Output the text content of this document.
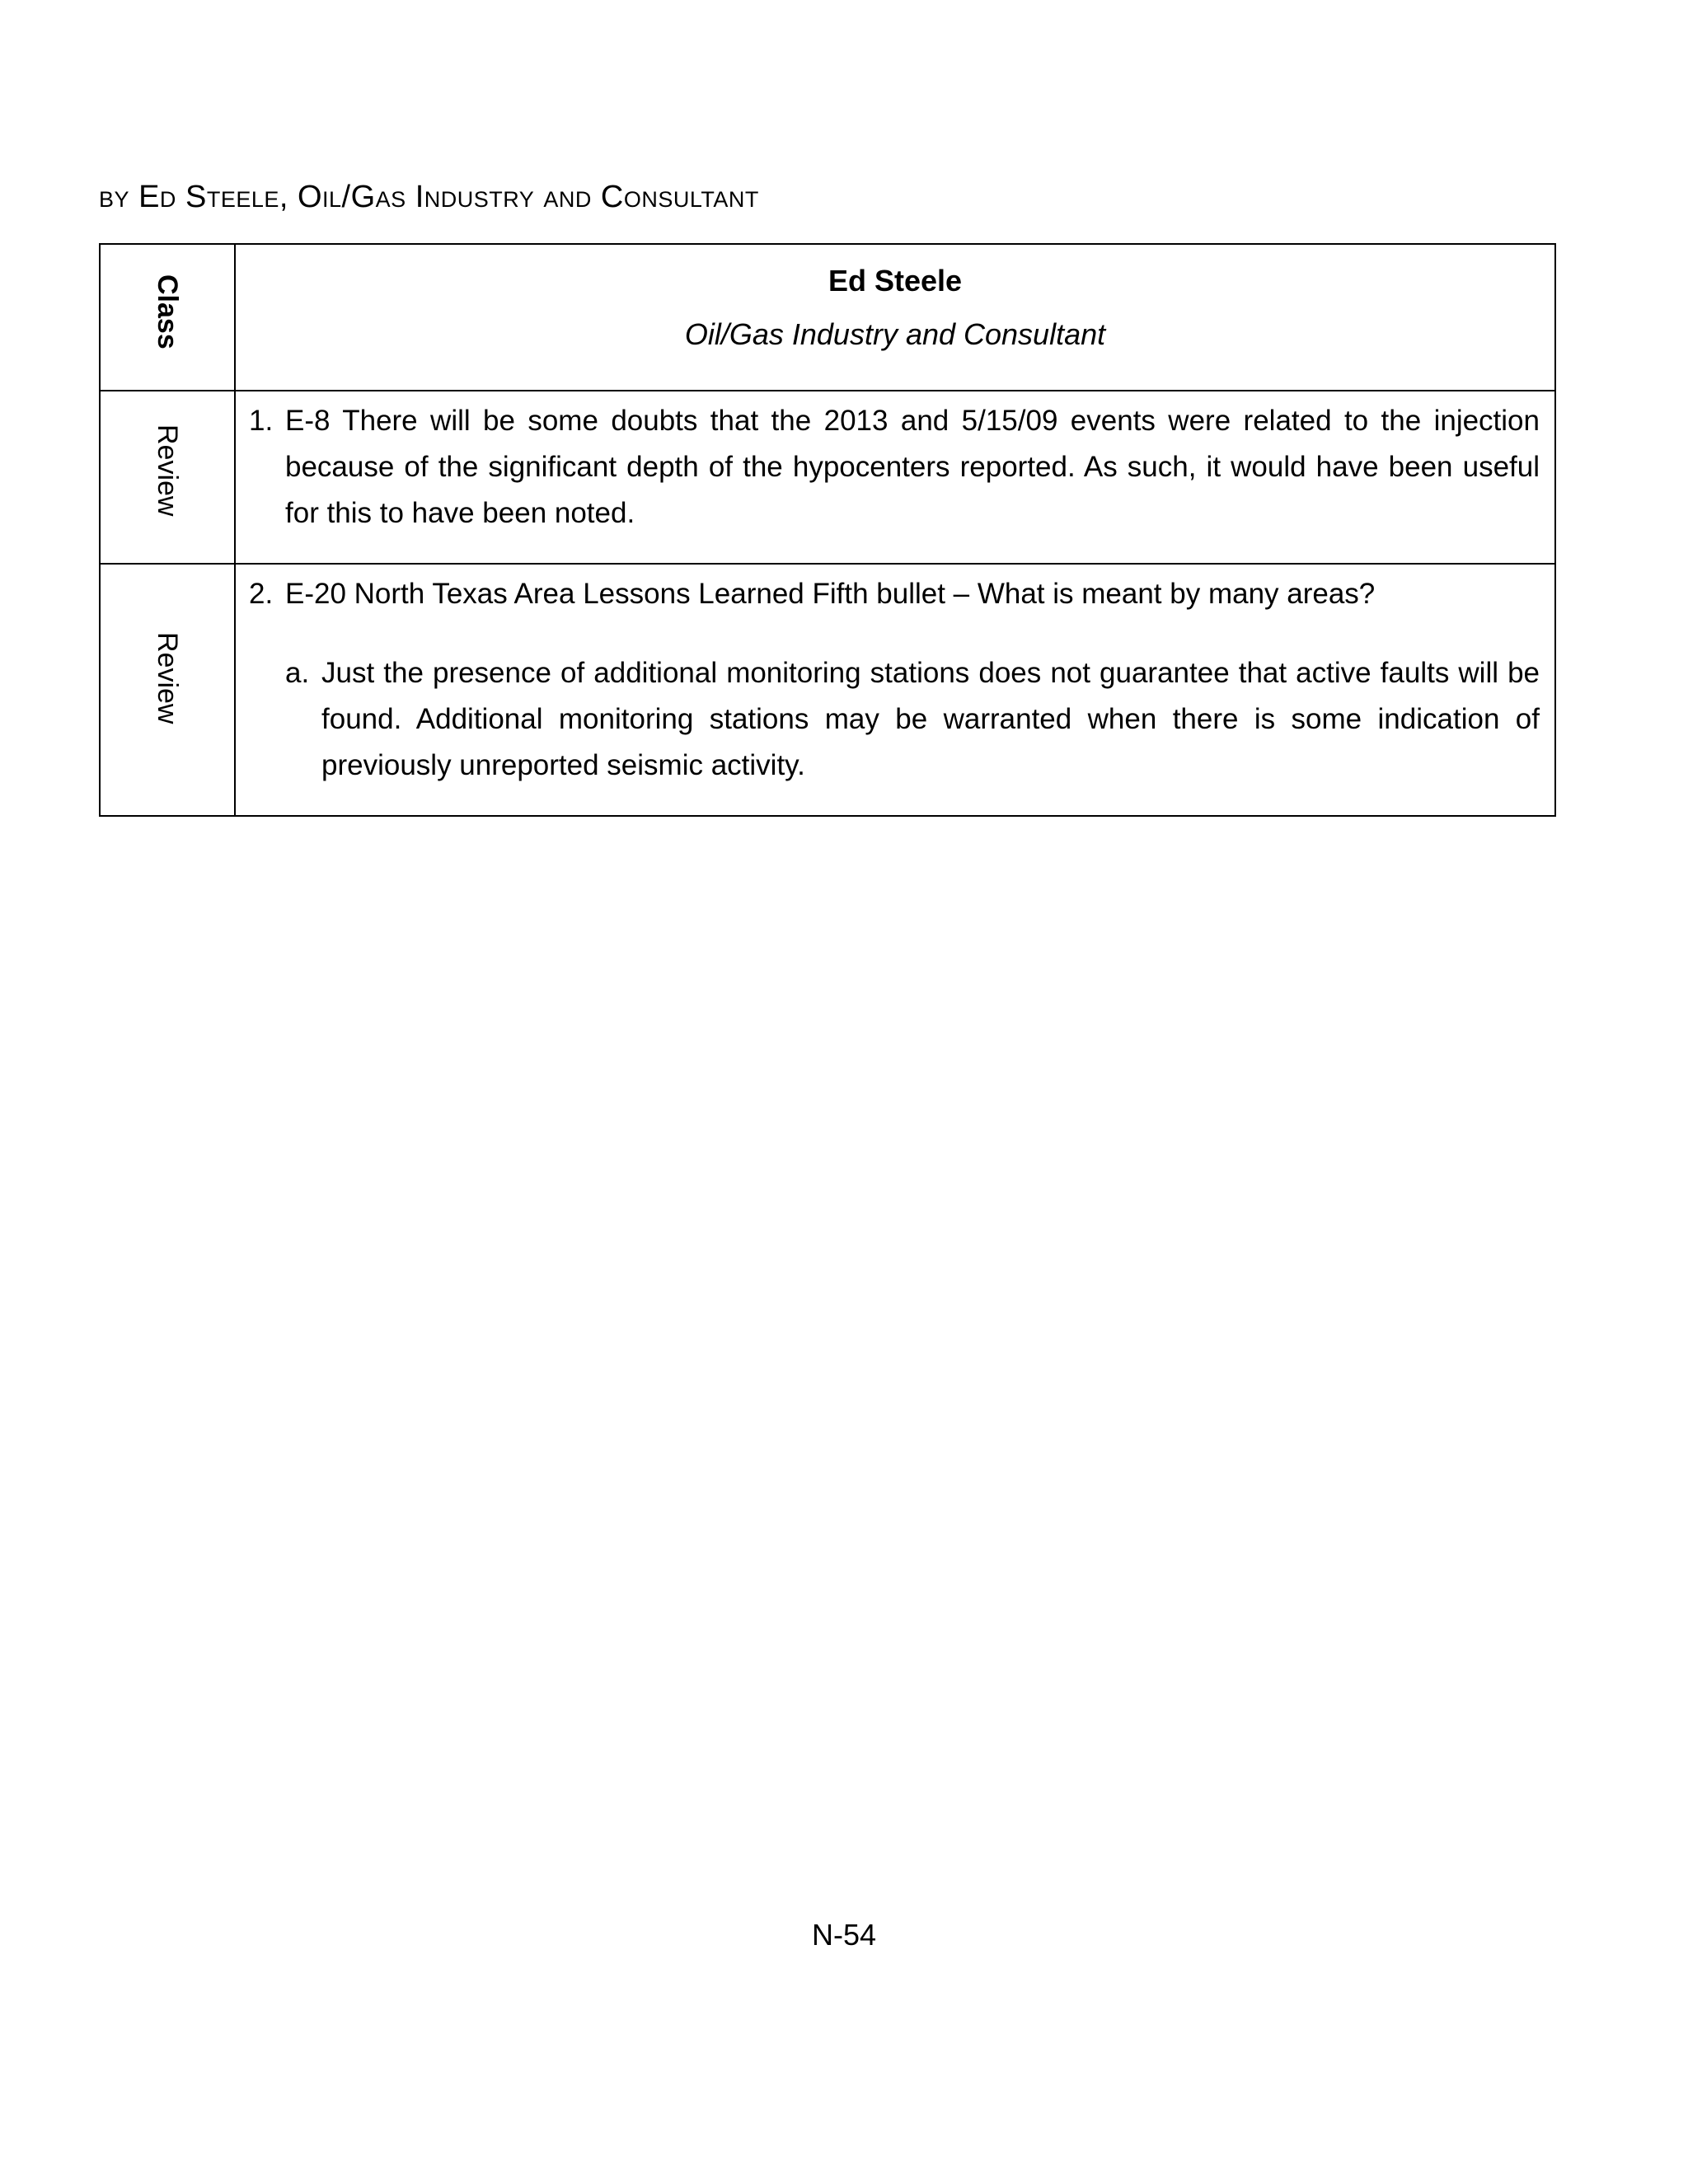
by Ed Steele, Oil/Gas Industry and Consultant
Class	Ed Steele
Oil/Gas Industry and Consultant

Review	1. E-8 There will be some doubts that the 2013 and 5/15/09 events were related to the injection because of the significant depth of the hypocenters reported. As such, it would have been useful for this to have been noted.

Review	2. E-20 North Texas Area Lessons Learned Fifth bullet – What is meant by many areas?
a. Just the presence of additional monitoring stations does not guarantee that active faults will be found. Additional monitoring stations may be warranted when there is some indication of previously unreported seismic activity.
N-54
